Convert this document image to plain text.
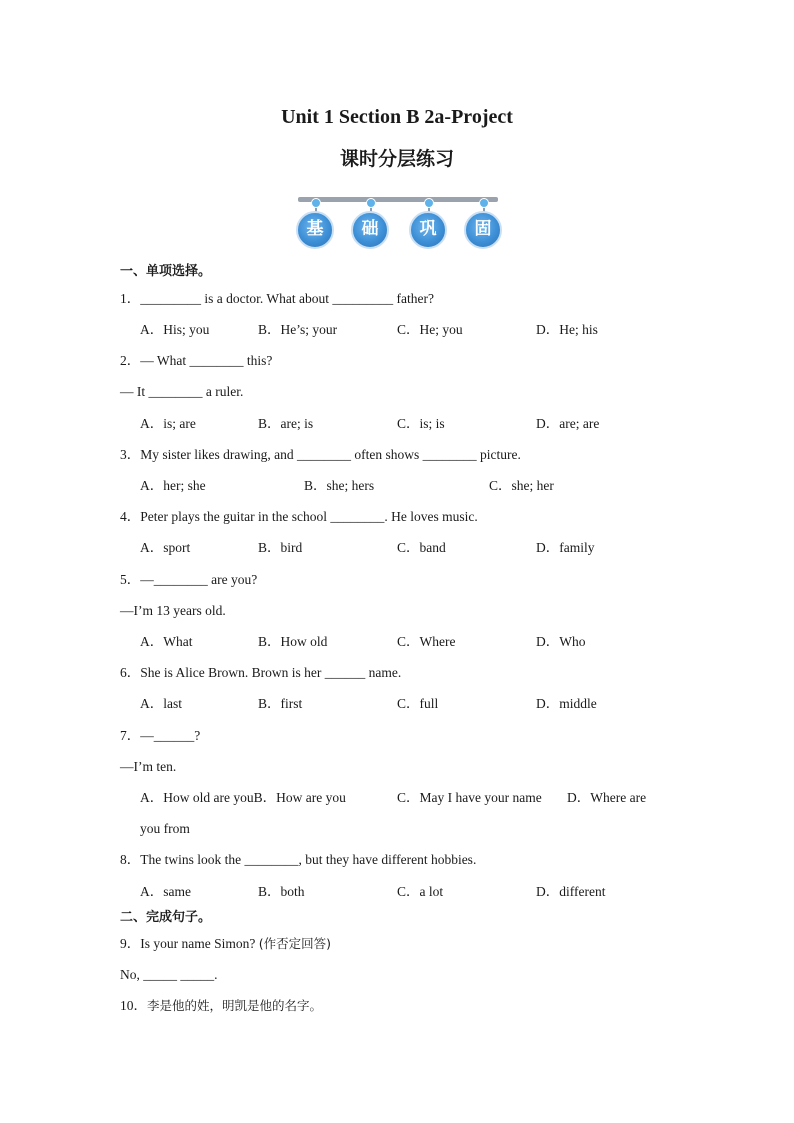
Unit 1 Section B 2a-Project
课时分层练习
基	础	巩	固
一、单项选择。
1．_________ is a doctor. What about _________ father?
A．His; you	B．He’s; your	C．He; you	D．He; his
2．— What ________ this?
— It ________ a ruler.
A．is; are	B．are; is	C．is; is	D．are; are
3．My sister likes drawing, and ________ often shows ________ picture.
A．her; she	B．she; hers	C．she; her
4．Peter plays the guitar in the school ________. He loves music.
A．sport	B．bird	C．band	D．family
5．—________ are you?
—I’m 13 years old.
A．What	B．How old	C．Where	D．Who
6．She is Alice Brown. Brown is her ______ name.
A．last	B．first	C．full	D．middle
7．—______?
—I’m ten.
A．How old are youB．How are you	C．May I have your name D．Where are
you from
8．The twins look the ________, but they have different hobbies.
A．same	B．both	C．a lot	D．different
二、完成句子。
9．Is your name Simon? (作否定回答)
No, _____ _____.
10．李是他的姓，明凯是他的名字。
